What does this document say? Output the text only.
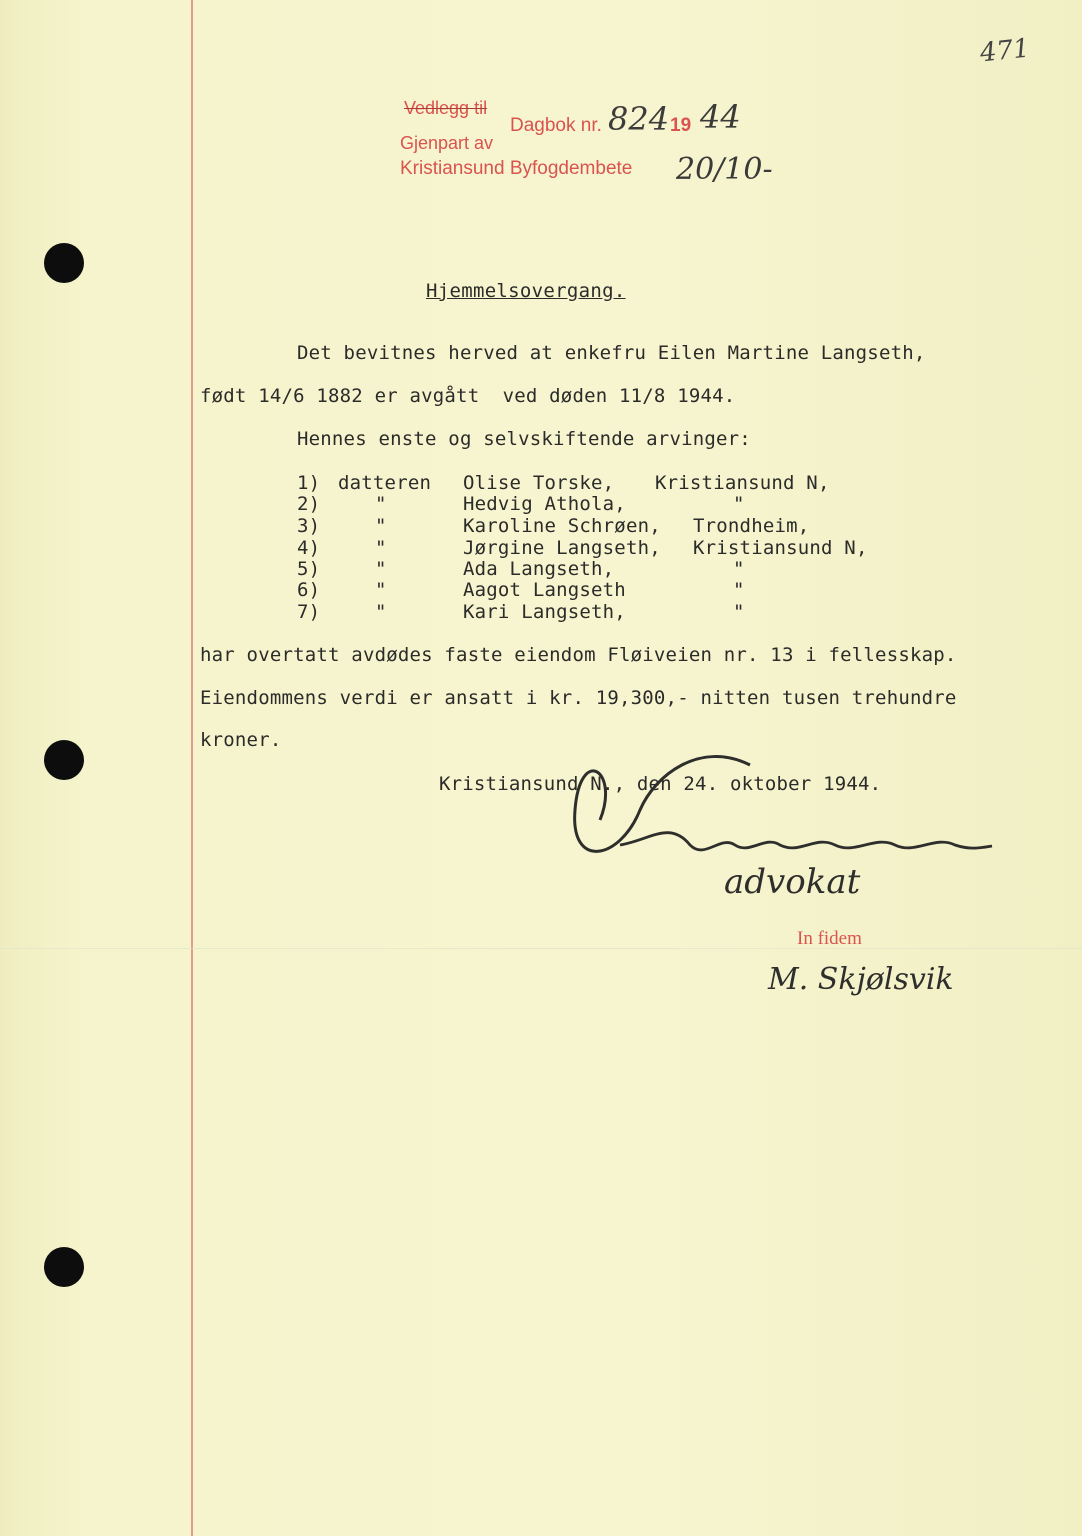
471
Vedlegg til
Gjenpart av
Dagbok nr. 824 19 44
Kristiansund Byfogdembete 20/10-
Hjemmelsovergang.
Det bevitnes herved at enkefru Eilen Martine Langseth,
født 14/6 1882 er avgått  ved døden 11/8 1944.
Hennes enste og selvskiftende arvinger:
1) datteren Olise Torske, Kristiansund N,
2)	"	Hedvig Athola,	"
3)	"	Karoline Schrøen, Trondheim,
4)	"	Jørgine Langseth, Kristiansund N,
5)	"	Ada Langseth,	"
6)	"	Aagot Langseth	"
7)	"	Kari Langseth,	"
har overtatt avdødes faste eiendom Fløiveien nr. 13 i fellesskap.
Eiendommens verdi er ansatt i kr. 19,300,- nitten tusen trehundre
kroner.
Kristiansund N., den 24. oktober 1944.
advokat
In fidem
M. Skjølsvik
